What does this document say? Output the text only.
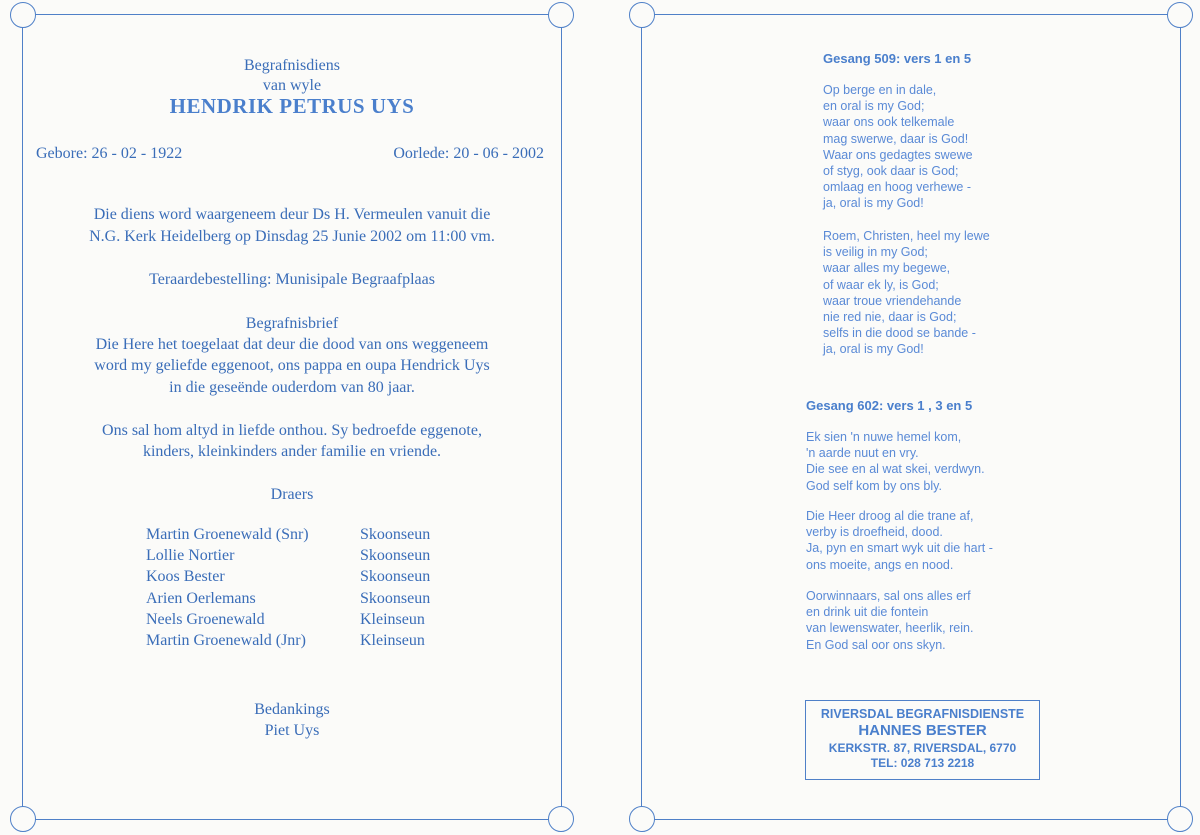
Begrafnisdiens
van wyle
HENDRIK PETRUS UYS
Gebore: 26 - 02 - 1922	Oorlede: 20 - 06 - 2002
Die diens word waargeneem deur Ds H. Vermeulen vanuit die
N.G. Kerk Heidelberg op Dinsdag 25 Junie 2002 om 11:00 vm.
Teraardebestelling: Munisipale Begraafplaas
Begrafnisbrief
Die Here het toegelaat dat deur die dood van ons weggeneem
word my geliefde eggenoot, ons pappa en oupa Hendrick Uys
in die geseënde ouderdom van 80 jaar.
Ons sal hom altyd in liefde onthou. Sy bedroefde eggenote,
kinders, kleinkinders ander familie en vriende.
Draers
Martin Groenewald (Snr)	Skoonseun
Lollie Nortier	Skoonseun
Koos Bester	Skoonseun
Arien Oerlemans	Skoonseun
Neels Groenewald	Kleinseun
Martin Groenewald (Jnr)	Kleinseun
Bedankings
Piet Uys
Gesang 509: vers 1 en 5
Op berge en in dale,
en oral is my God;
waar ons ook telkemale
mag swerwe, daar is God!
Waar ons gedagtes swewe
of styg, ook daar is God;
omlaag en hoog verhewe -
ja, oral is my God!
Roem, Christen, heel my lewe
is veilig in my God;
waar alles my begewe,
of waar ek ly, is God;
waar troue vriendehande
nie red nie, daar is God;
selfs in die dood se bande -
ja, oral is my God!
Gesang 602: vers 1 , 3 en 5
Ek sien 'n nuwe hemel kom,
'n aarde nuut en vry.
Die see en al wat skei, verdwyn.
God self kom by ons bly.
Die Heer droog al die trane af,
verby is droefheid, dood.
Ja, pyn en smart wyk uit die hart -
ons moeite, angs en nood.
Oorwinnaars, sal ons alles erf
en drink uit die fontein
van lewenswater, heerlik, rein.
En God sal oor ons skyn.
RIVERSDAL BEGRAFNISDIENSTE
HANNES BESTER
KERKSTR. 87, RIVERSDAL, 6770
TEL: 028 713 2218
